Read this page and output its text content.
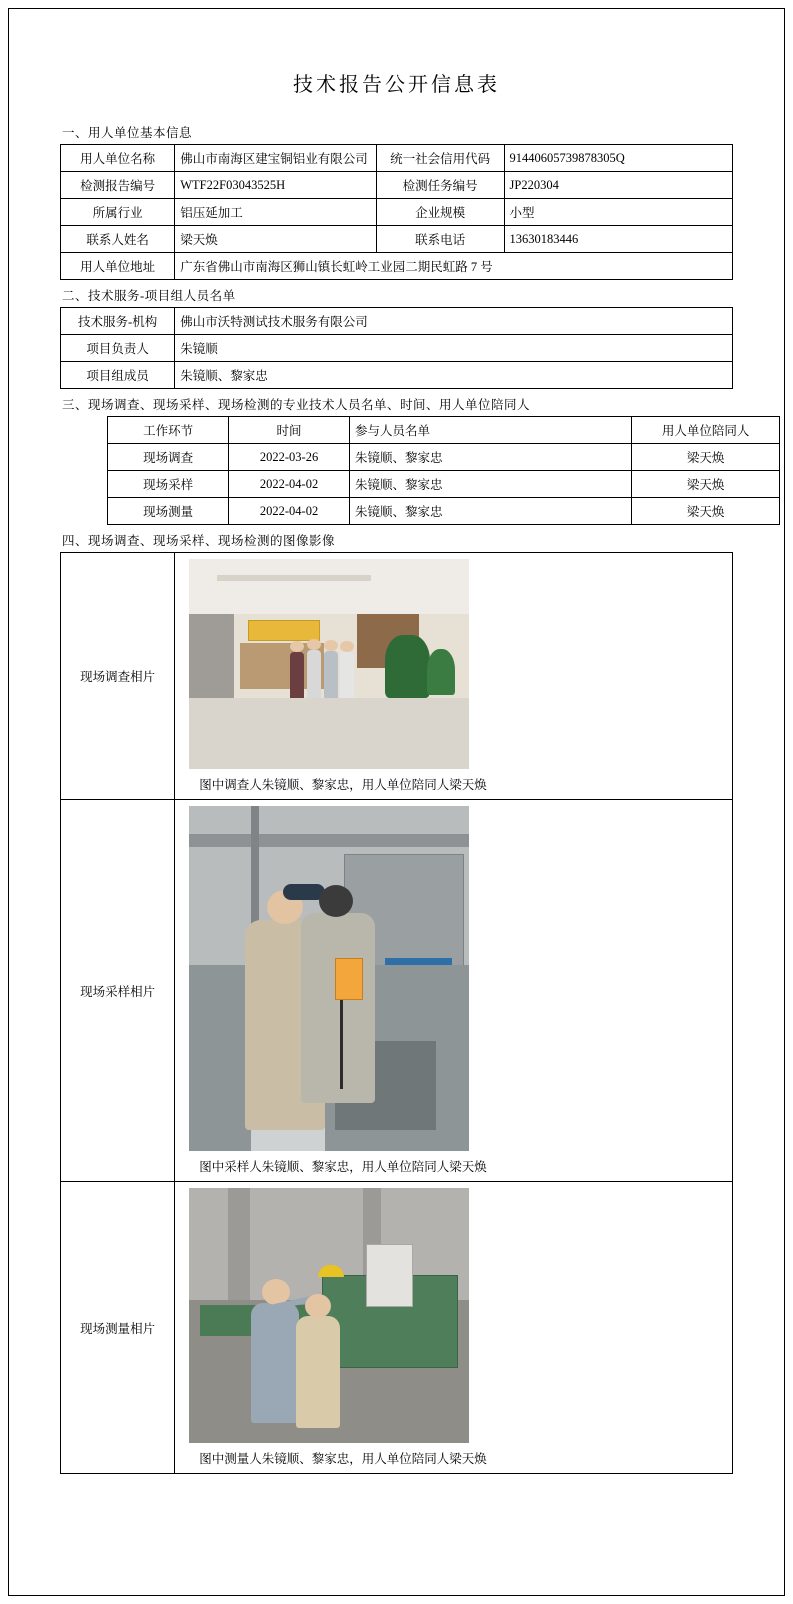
技术报告公开信息表
一、用人单位基本信息
用人单位名称	佛山市南海区建宝铜铝业有限公司	统一社会信用代码	91440605739878305Q
检测报告编号	WTF22F03043525H	检测任务编号	JP220304
所属行业	铝压延加工	企业规模	小型
联系人姓名	梁天焕	联系电话	13630183446
用人单位地址	广东省佛山市南海区狮山镇长虹岭工业园二期民虹路 7 号		
二、技术服务-项目组人员名单
技术服务-机构	佛山市沃特测试技术服务有限公司
项目负责人	朱镜顺
项目组成员	朱镜顺、黎家忠
三、现场调查、现场采样、现场检测的专业技术人员名单、时间、用人单位陪同人
工作环节	时间	参与人员名单	用人单位陪同人
现场调查	2022-03-26	朱镜顺、黎家忠	梁天焕
现场采样	2022-04-02	朱镜顺、黎家忠	梁天焕
现场测量	2022-04-02	朱镜顺、黎家忠	梁天焕
四、现场调查、现场采样、现场检测的图像影像
现场调查相片	图中调查人朱镜顺、黎家忠，用人单位陪同人梁天焕

现场采样相片	图中采样人朱镜顺、黎家忠，用人单位陪同人梁天焕

现场测量相片	图中测量人朱镜顺、黎家忠，用人单位陪同人梁天焕
